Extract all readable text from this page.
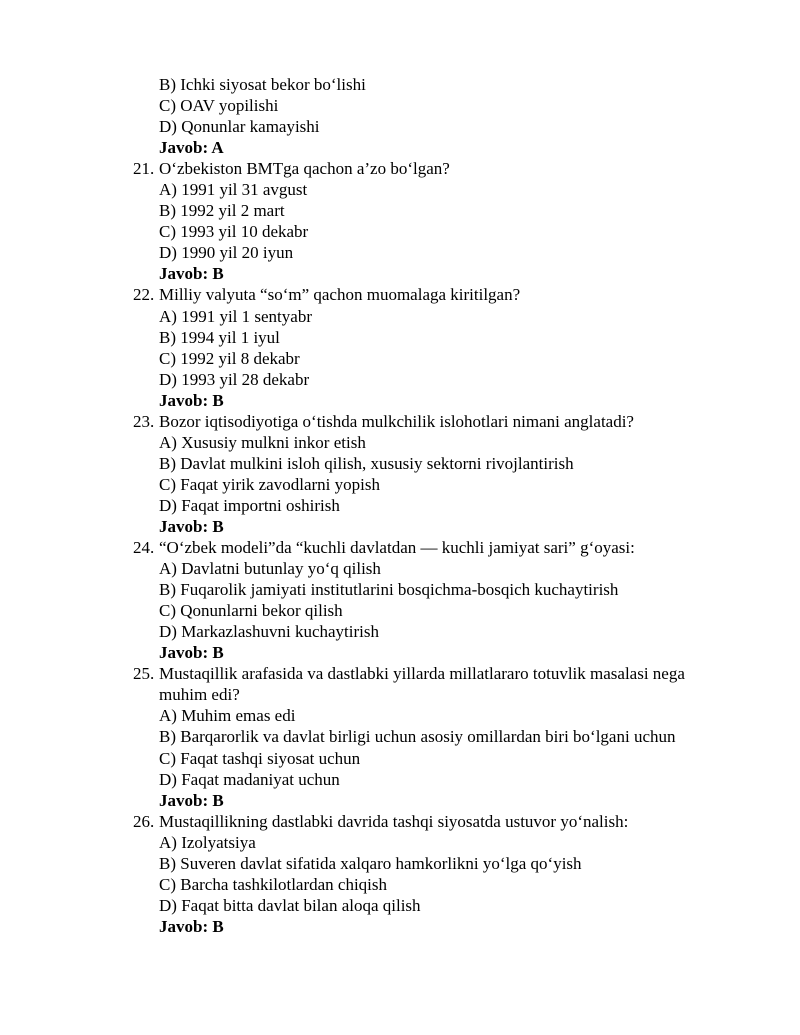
B) Ichki siyosat bekor bo‘lishi
C) OAV yopilishi
D) Qonunlar kamayishi
Javob: A
21. O‘zbekiston BMTga qachon a’zo bo‘lgan?
A) 1991 yil 31 avgust
B) 1992 yil 2 mart
C) 1993 yil 10 dekabr
D) 1990 yil 20 iyun
Javob: B
22. Milliy valyuta “so‘m” qachon muomalaga kiritilgan?
A) 1991 yil 1 sentyabr
B) 1994 yil 1 iyul
C) 1992 yil 8 dekabr
D) 1993 yil 28 dekabr
Javob: B
23. Bozor iqtisodiyotiga o‘tishda mulkchilik islohotlari nimani anglatadi?
A) Xususiy mulkni inkor etish
B) Davlat mulkini isloh qilish, xususiy sektorni rivojlantirish
C) Faqat yirik zavodlarni yopish
D) Faqat importni oshirish
Javob: B
24. “O‘zbek modeli”da “kuchli davlatdan — kuchli jamiyat sari” g‘oyasi:
A) Davlatni butunlay yo‘q qilish
B) Fuqarolik jamiyati institutlarini bosqichma-bosqich kuchaytirish
C) Qonunlarni bekor qilish
D) Markazlashuvni kuchaytirish
Javob: B
25. Mustaqillik arafasida va dastlabki yillarda millatlararo totuvlik masalasi nega
muhim edi?
A) Muhim emas edi
B) Barqarorlik va davlat birligi uchun asosiy omillardan biri bo‘lgani uchun
C) Faqat tashqi siyosat uchun
D) Faqat madaniyat uchun
Javob: B
26. Mustaqillikning dastlabki davrida tashqi siyosatda ustuvor yo‘nalish:
A) Izolyatsiya
B) Suveren davlat sifatida xalqaro hamkorlikni yo‘lga qo‘yish
C) Barcha tashkilotlardan chiqish
D) Faqat bitta davlat bilan aloqa qilish
Javob: B
